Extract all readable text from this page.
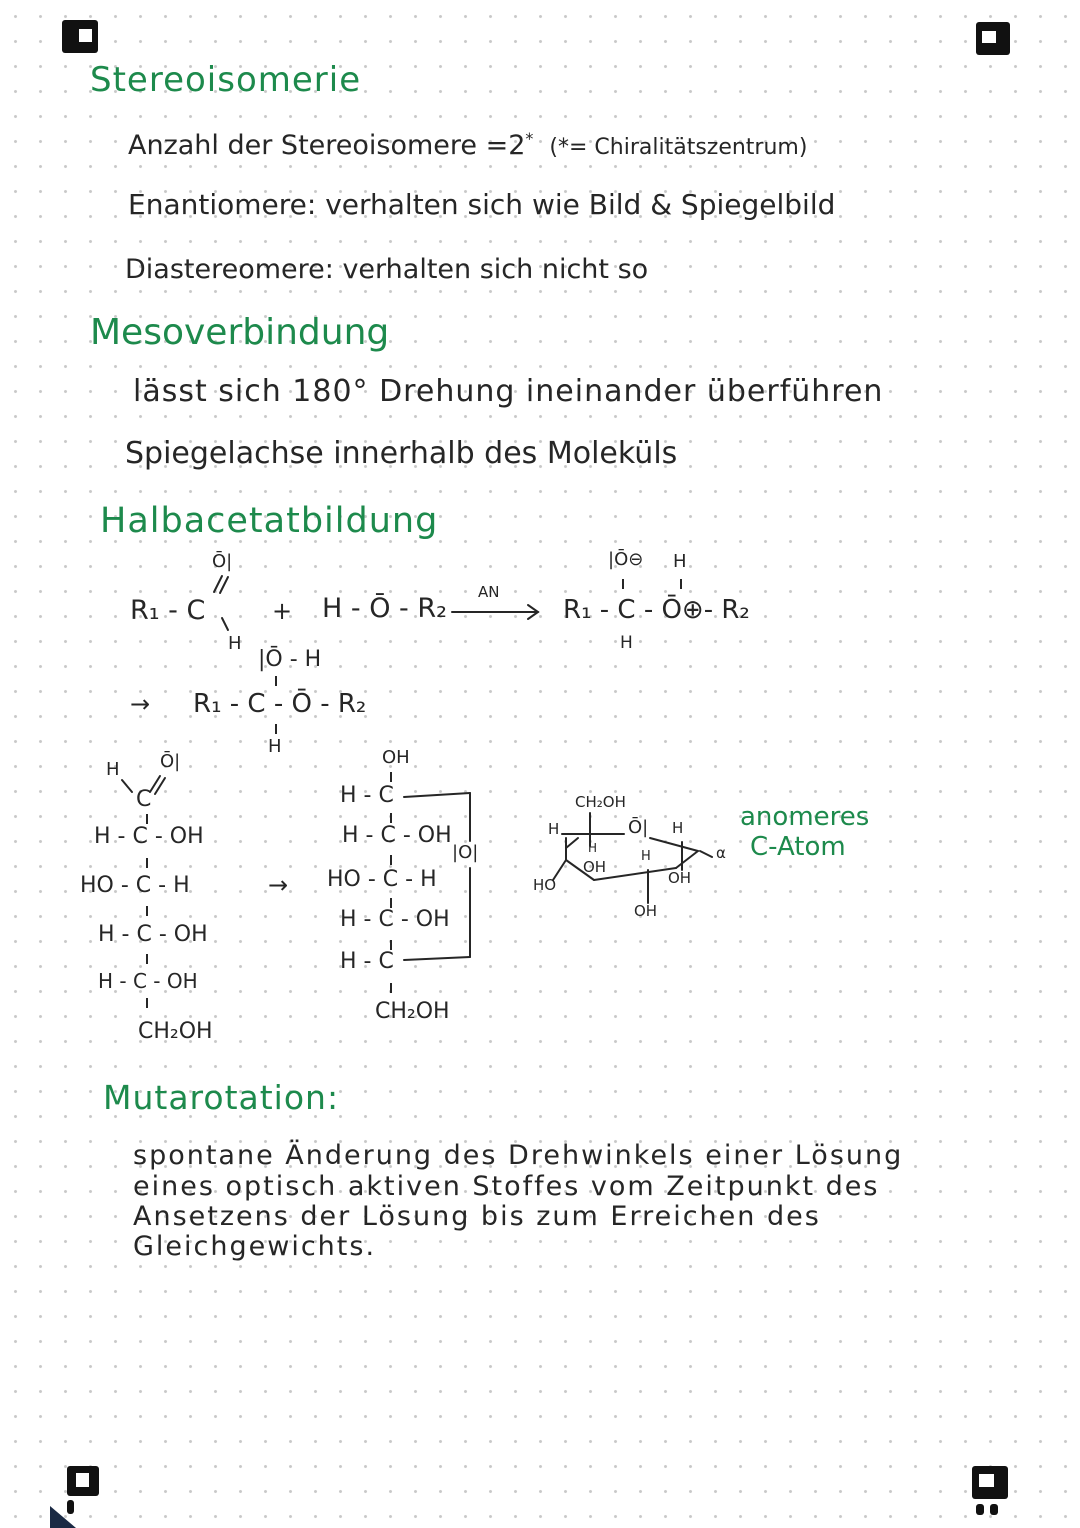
Stereoisomerie
Anzahl der Stereoisomere =2* (*= Chiralitätszentrum)
Enantiomere: verhalten sich wie Bild & Spiegelbild
Diastereomere: verhalten sich nicht so
Mesoverbindung
lässt sich 180° Drehung ineinander überführen
Spiegelachse innerhalb des Moleküls
Halbacetatbildung
Ō|
R₁ - C
H
+ H - Ō - R₂
AN
|Ō⊖ H
R₁ - C - Ō⊕- R₂
H
|Ō - H
→ R₁ - C - Ō - R₂
H
H Ō|
C
H - C - OH
HO - C - H
H - C - OH
H - C - OH
CH₂OH
→
OH
H - C
H - C - OH
HO - C - H
H - C - OH
H - C
CH₂OH
|O|
CH₂OH
H	Ō| H
H
OH
H	α
HO	OH
OH
anomeres
C-Atom
Mutarotation:
spontane Änderung des Drehwinkels einer Lösung
eines optisch aktiven Stoffes vom Zeitpunkt des
Ansetzens der Lösung bis zum Erreichen des
Gleichgewichts.
